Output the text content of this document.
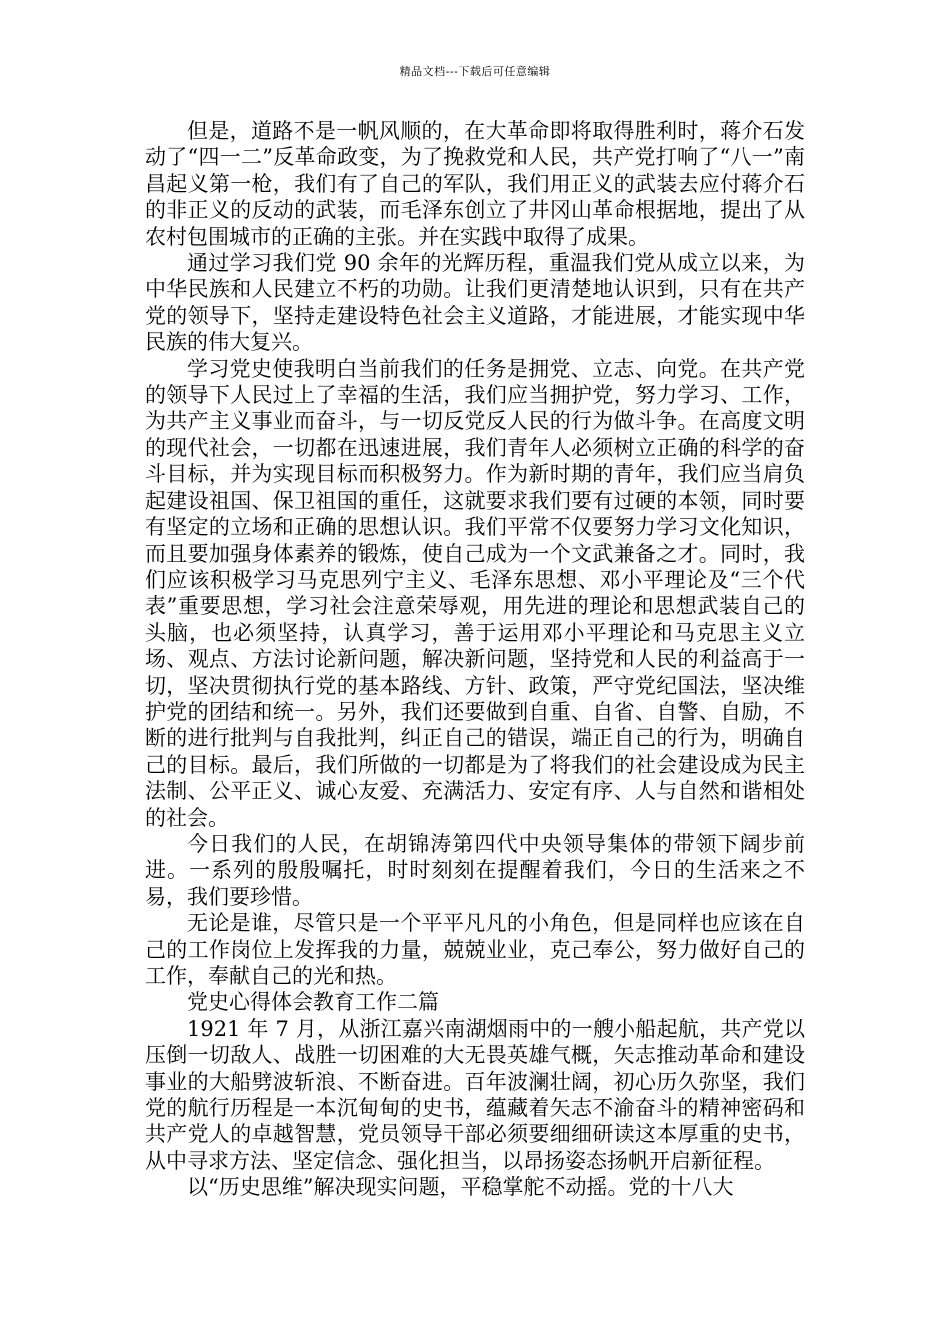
精品文档---下载后可任意编辑

但是，道路不是一帆风顺的，在大革命即将取得胜利时，蒋介石发动了“四一二”反革命政变，为了挽救党和人民，共产党打响了“八一”南昌起义第一枪，我们有了自己的军队，我们用正义的武装去应付蒋介石的非正义的反动的武装，而毛泽东创立了井冈山革命根据地，提出了从农村包围城市的正确的主张。并在实践中取得了成果。

通过学习我们党 90 余年的光辉历程，重温我们党从成立以来，为中华民族和人民建立不朽的功勋。让我们更清楚地认识到，只有在共产党的领导下，坚持走建设特色社会主义道路，才能进展，才能实现中华民族的伟大复兴。

学习党史使我明白当前我们的任务是拥党、立志、向党。在共产党的领导下人民过上了幸福的生活，我们应当拥护党，努力学习、工作，为共产主义事业而奋斗，与一切反党反人民的行为做斗争。在高度文明的现代社会，一切都在迅速进展，我们青年人必须树立正确的科学的奋斗目标，并为实现目标而积极努力。作为新时期的青年，我们应当肩负起建设祖国、保卫祖国的重任，这就要求我们要有过硬的本领，同时要有坚定的立场和正确的思想认识。我们平常不仅要努力学习文化知识，而且要加强身体素养的锻炼，使自己成为一个文武兼备之才。同时，我们应该积极学习马克思列宁主义、毛泽东思想、邓小平理论及“三个代表”重要思想，学习社会注意荣辱观，用先进的理论和思想武装自己的头脑，也必须坚持，认真学习，善于运用邓小平理论和马克思主义立场、观点、方法讨论新问题，解决新问题，坚持党和人民的利益高于一切，坚决贯彻执行党的基本路线、方针、政策，严守党纪国法，坚决维护党的团结和统一。另外，我们还要做到自重、自省、自警、自励，不断的进行批判与自我批判，纠正自己的错误，端正自己的行为，明确自己的目标。最后，我们所做的一切都是为了将我们的社会建设成为民主法制、公平正义、诚心友爱、充满活力、安定有序、人与自然和谐相处的社会。

今日我们的人民，在胡锦涛第四代中央领导集体的带领下阔步前进。一系列的殷殷嘱托，时时刻刻在提醒着我们，今日的生活来之不易，我们要珍惜。

无论是谁，尽管只是一个平平凡凡的小角色，但是同样也应该在自己的工作岗位上发挥我的力量，兢兢业业，克己奉公，努力做好自己的工作，奉献自己的光和热。

党史心得体会教育工作二篇

1921 年 7 月，从浙江嘉兴南湖烟雨中的一艘小船起航，共产党以压倒一切敌人、战胜一切困难的大无畏英雄气概，矢志推动革命和建设事业的大船劈波斩浪、不断奋进。百年波澜壮阔，初心历久弥坚，我们党的航行历程是一本沉甸甸的史书，蕴藏着矢志不渝奋斗的精神密码和共产党人的卓越智慧，党员领导干部必须要细细研读这本厚重的史书，从中寻求方法、坚定信念、强化担当，以昂扬姿态扬帆开启新征程。

以“历史思维”解决现实问题，平稳掌舵不动摇。党的十八大
